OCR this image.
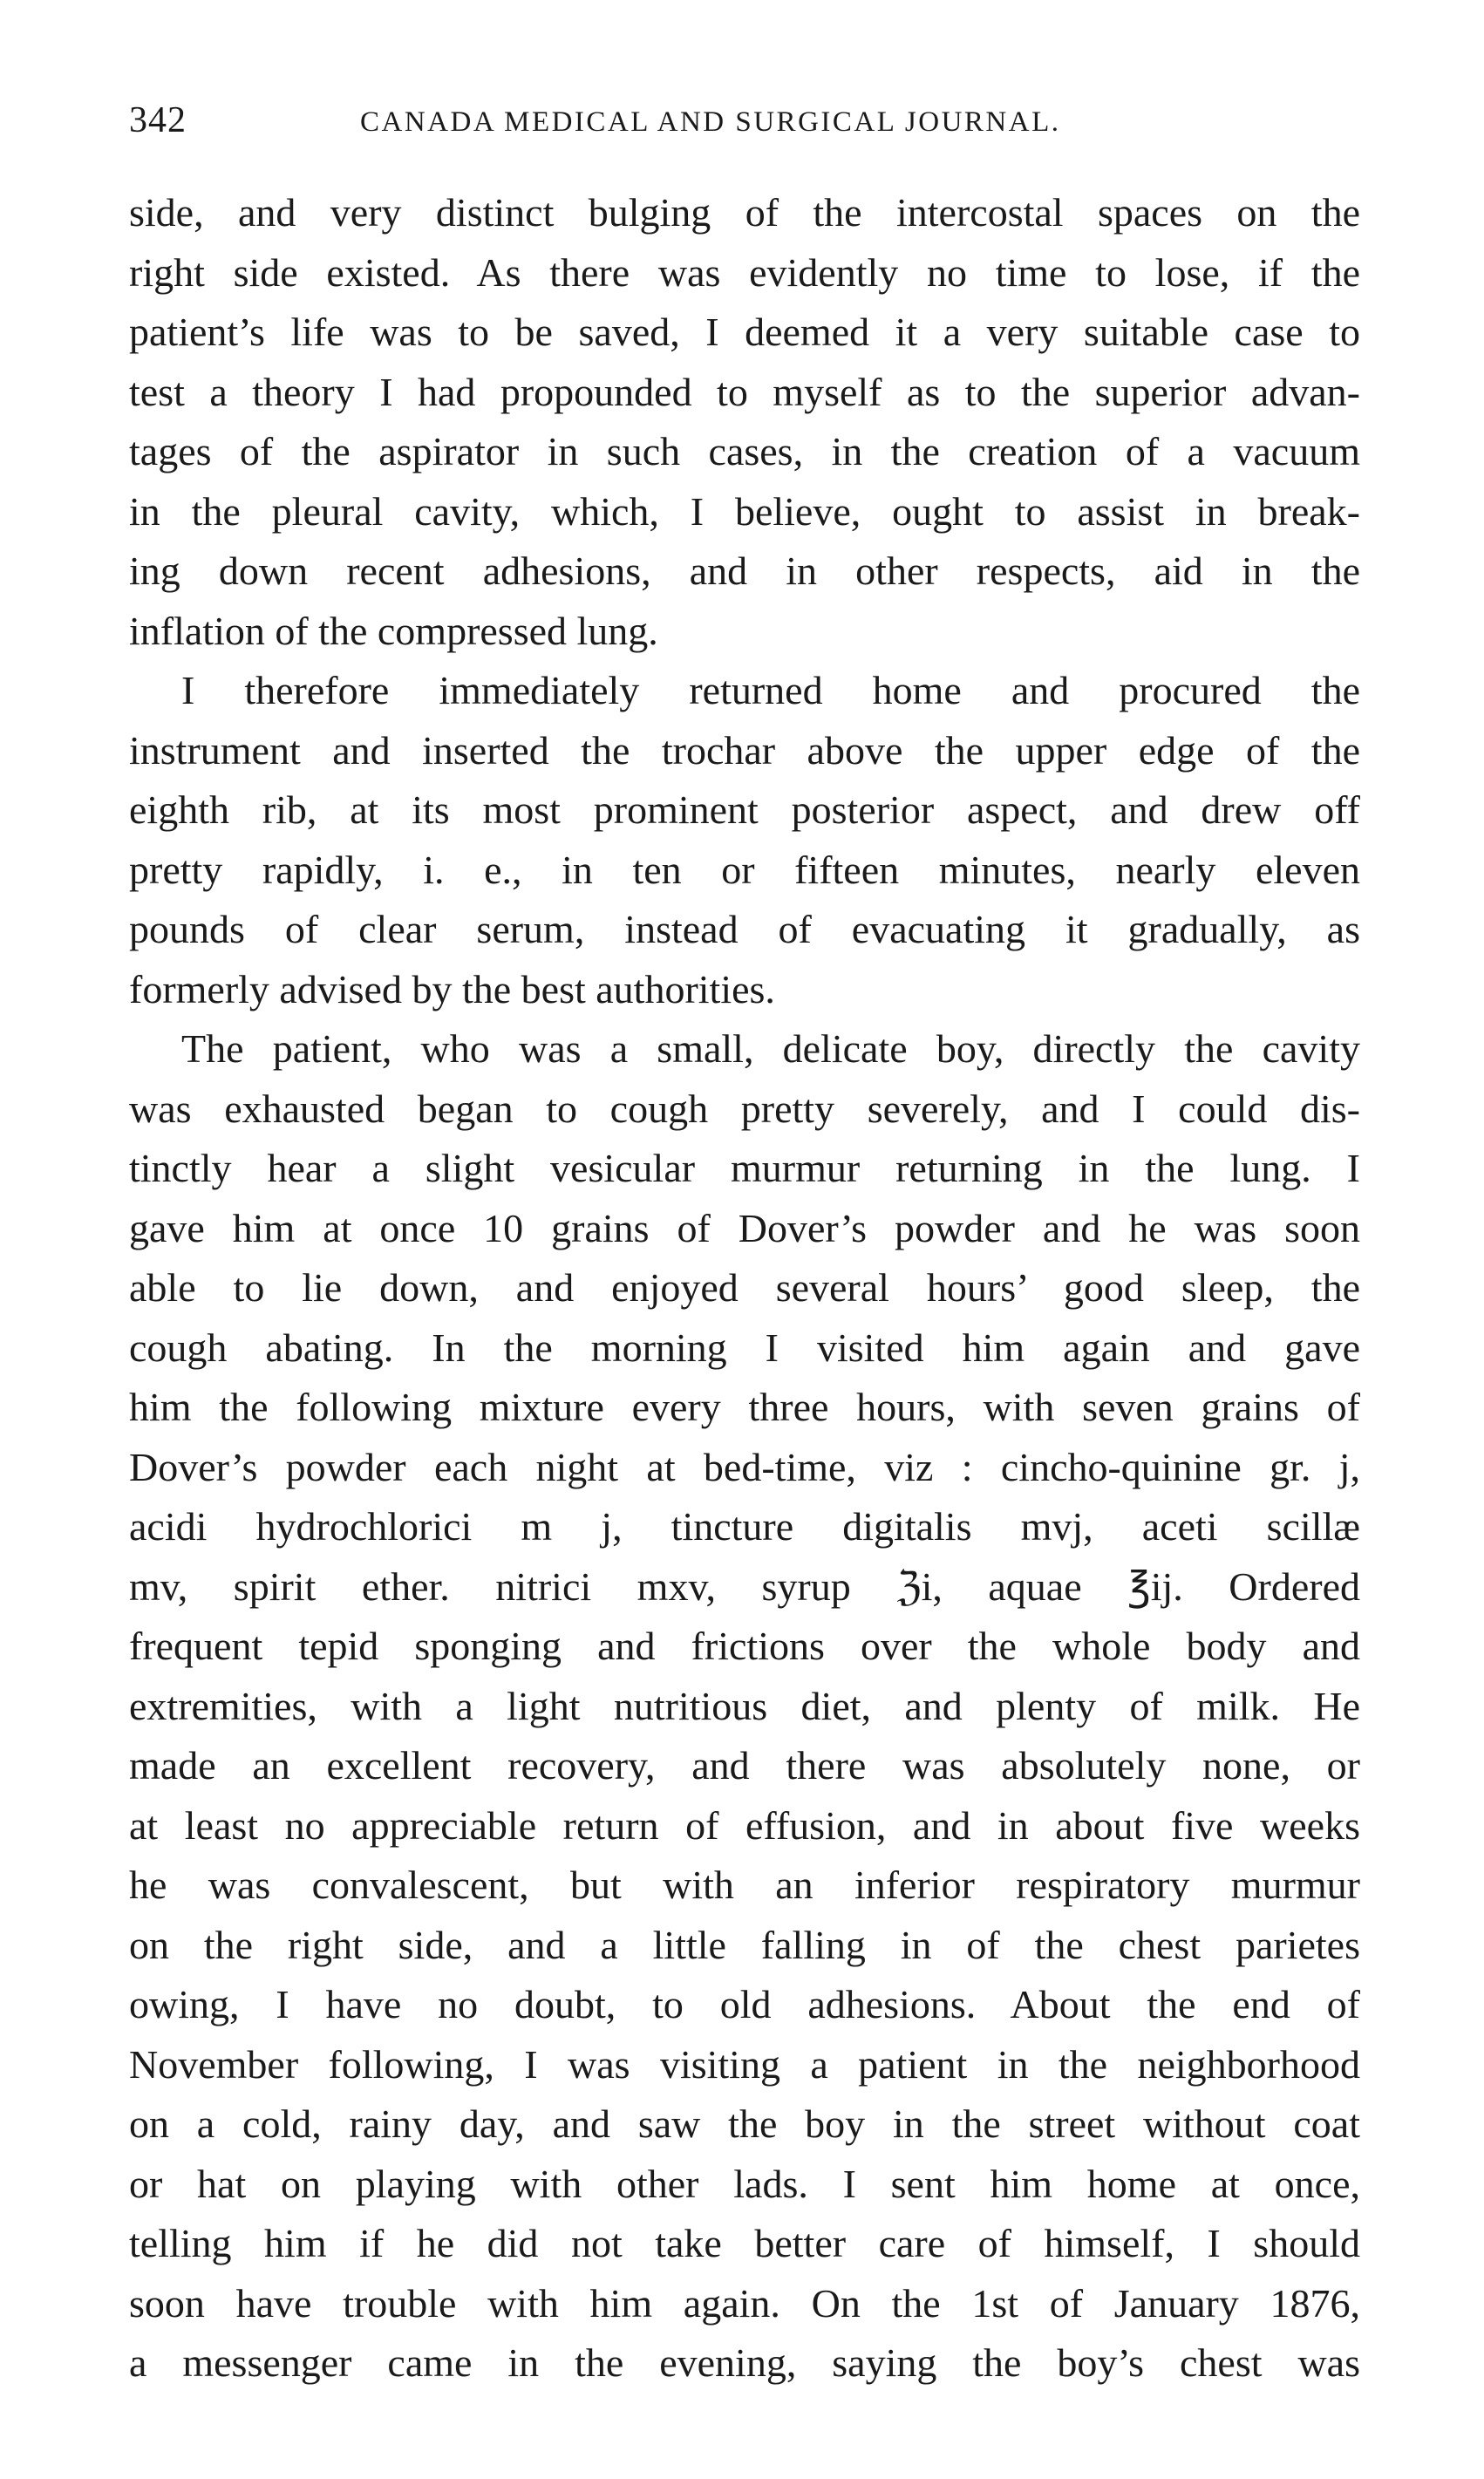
342	CANADA MEDICAL AND SURGICAL JOURNAL.
side, and very distinct bulging of the intercostal spaces on the
right side existed. As there was evidently no time to lose, if the
patient’s life was to be saved, I deemed it a very suitable case to
test a theory I had propounded to myself as to the superior advan-
tages of the aspirator in such cases, in the creation of a vacuum
in the pleural cavity, which, I believe, ought to assist in break-
ing down recent adhesions, and in other respects, aid in the
inflation of the compressed lung.
I therefore immediately returned home and procured the
instrument and inserted the trochar above the upper edge of the
eighth rib, at its most prominent posterior aspect, and drew off
pretty rapidly, i. e., in ten or fifteen minutes, nearly eleven
pounds of clear serum, instead of evacuating it gradually, as
formerly advised by the best authorities.
The patient, who was a small, delicate boy, directly the cavity
was exhausted began to cough pretty severely, and I could dis-
tinctly hear a slight vesicular murmur returning in the lung. I
gave him at once 10 grains of Dover’s powder and he was soon
able to lie down, and enjoyed several hours’ good sleep, the
cough abating. In the morning I visited him again and gave
him the following mixture every three hours, with seven grains of
Dover’s powder each night at bed-time, viz : cincho-quinine gr. j,
acidi hydrochlorici m j, tincture digitalis mvj, aceti scillæ
mv, spirit ether. nitrici mxv, syrup ℨi, aquae ℥ij. Ordered
frequent tepid sponging and frictions over the whole body and
extremities, with a light nutritious diet, and plenty of milk. He
made an excellent recovery, and there was absolutely none, or
at least no appreciable return of effusion, and in about five weeks
he was convalescent, but with an inferior respiratory murmur
on the right side, and a little falling in of the chest parietes
owing, I have no doubt, to old adhesions. About the end of
November following, I was visiting a patient in the neighborhood
on a cold, rainy day, and saw the boy in the street without coat
or hat on playing with other lads. I sent him home at once,
telling him if he did not take better care of himself, I should
soon have trouble with him again. On the 1st of January 1876,
a messenger came in the evening, saying the boy’s chest was
